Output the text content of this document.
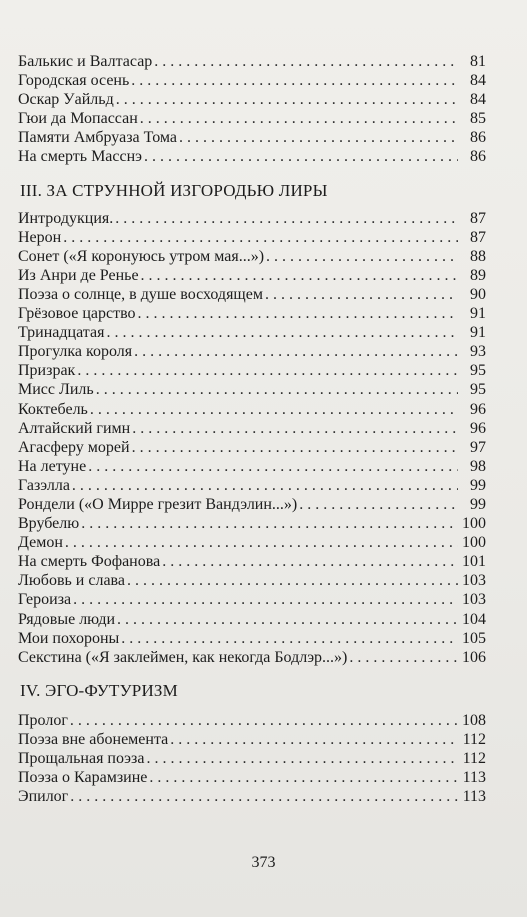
Балькис и Валтасар . . .	81
Городская осень . . .	84
Оскар Уайльд . . .	84
Гюи да Мопассан . . .	85
Памяти Амбруаза Тома . . .	86
На смерть Масснэ . . .	86
III. ЗА СТРУННОЙ ИЗГОРОДЬЮ ЛИРЫ
Интродукция. . . .	87
Нерон . . .	87
Сонет («Я коронуюсь утром мая...») . . .	88
Из Анри де Ренье . . .	89
Поэза о солнце, в душе восходящем . . .	90
Грёзовое царство . . .	91
Тринадцатая . . .	91
Прогулка короля . . .	93
Призрак . . .	95
Мисс Лиль . . .	95
Коктебель . . .	96
Алтайский гимн . . .	96
Агасферу морей . . .	97
На летуне . . .	98
Газэлла . . .	99
Рондели («О Мирре грезит Вандэлин...») . . .	99
Врубелю . . .	100
Демон . . .	100
На смерть Фофанова . . .	101
Любовь и слава . . .	103
Героиза . . .	103
Рядовые люди . . .	104
Мои похороны . . .	105
Секстина («Я заклеймен, как некогда Бодлэр...») . . .	106
IV. ЭГО-ФУТУРИЗМ
Пролог . . .	108
Поэза вне абонемента . . .	112
Прощальная поэза . . .	112
Поэза о Карамзине . . .	113
Эпилог . . .	113
373
